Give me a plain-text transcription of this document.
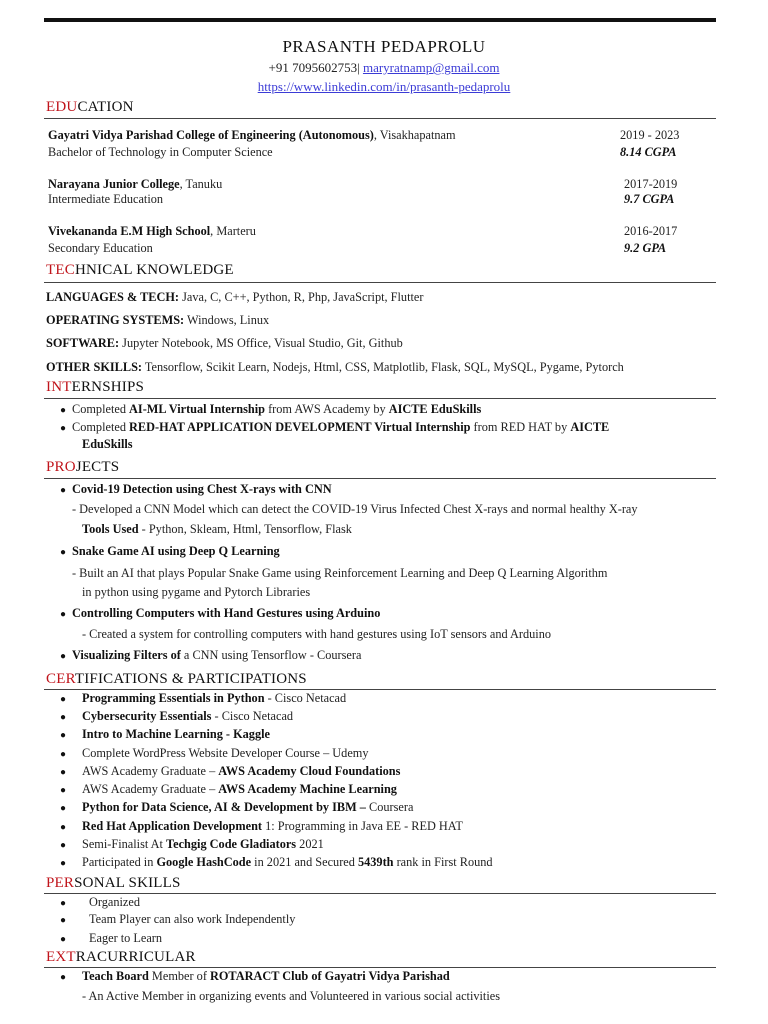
PRASANTH PEDAPROLU
+91 7095602753| maryratnamp@gmail.com
https://www.linkedin.com/in/prasanth-pedaprolu
EDUCATION
Gayatri Vidya Parishad College of Engineering (Autonomous), Visakhapatnam	2019 - 2023
Bachelor of Technology in Computer Science	8.14 CGPA
Narayana Junior College, Tanuku	2017-2019
Intermediate Education	9.7 CGPA
Vivekananda E.M High School, Marteru	2016-2017
Secondary Education	9.2 GPA
TECHNICAL KNOWLEDGE
LANGUAGES & TECH: Java, C, C++, Python, R, Php, JavaScript, Flutter
OPERATING SYSTEMS: Windows, Linux
SOFTWARE: Jupyter Notebook, MS Office, Visual Studio, Git, Github
OTHER SKILLS: Tensorflow, Scikit Learn, Nodejs, Html, CSS, Matplotlib, Flask, SQL, MySQL, Pygame, Pytorch
INTERNSHIPS
● Completed AI-ML Virtual Internship from AWS Academy by AICTE EduSkills
● Completed RED-HAT APPLICATION DEVELOPMENT Virtual Internship from RED HAT by AICTE
EduSkills
PROJECTS
● Covid-19 Detection using Chest X-rays with CNN
- Developed a CNN Model which can detect the COVID-19 Virus Infected Chest X-rays and normal healthy X-ray
Tools Used - Python, Skleam, Html, Tensorflow, Flask
● Snake Game AI using Deep Q Learning
- Built an AI that plays Popular Snake Game using Reinforcement Learning and Deep Q Learning Algorithm
in python using pygame and Pytorch Libraries
● Controlling Computers with Hand Gestures using Arduino
- Created a system for controlling computers with hand gestures using IoT sensors and Arduino
● Visualizing Filters of a CNN using Tensorflow - Coursera
CERTIFICATIONS & PARTICIPATIONS
● Programming Essentials in Python - Cisco Netacad
● Cybersecurity Essentials - Cisco Netacad
● Intro to Machine Learning - Kaggle
● Complete WordPress Website Developer Course – Udemy
● AWS Academy Graduate – AWS Academy Cloud Foundations
● AWS Academy Graduate – AWS Academy Machine Learning
● Python for Data Science, AI & Development by IBM – Coursera
● Red Hat Application Development 1: Programming in Java EE - RED HAT
● Semi-Finalist At Techgig Code Gladiators 2021
● Participated in Google HashCode in 2021 and Secured 5439th rank in First Round
PERSONAL SKILLS
● Organized
● Team Player can also work Independently
● Eager to Learn
EXTRACURRICULAR
● Teach Board Member of ROTARACT Club of Gayatri Vidya Parishad
- An Active Member in organizing events and Volunteered in various social activities
